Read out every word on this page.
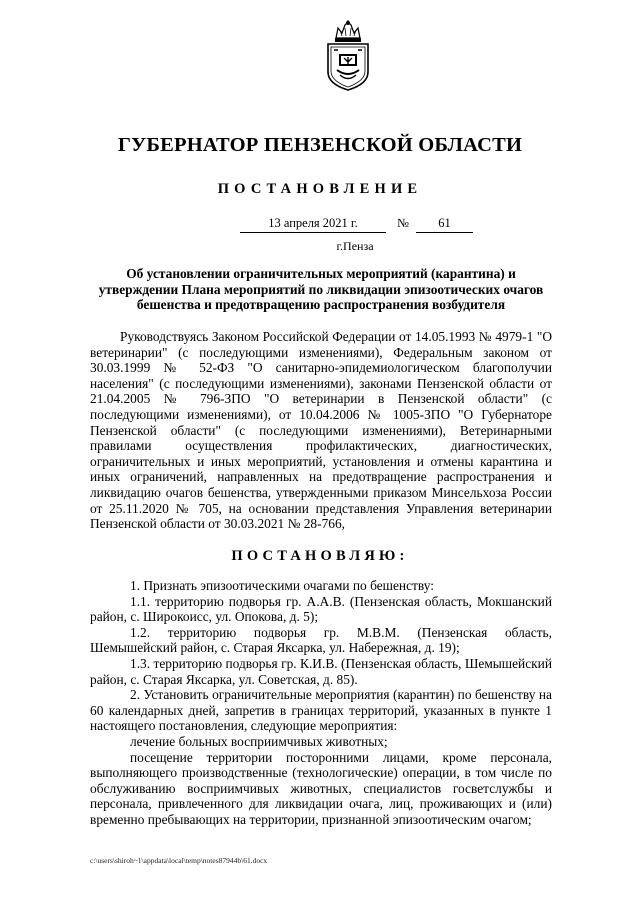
ГУБЕРНАТОР ПЕНЗЕНСКОЙ ОБЛАСТИ
ПОСТАНОВЛЕНИЕ
13 апреля 2021 г.	№	61
г.Пенза
Об установлении ограничительных мероприятий (карантина) и утверждении Плана мероприятий по ликвидации эпизоотических очагов бешенства и предотвращению распространения возбудителя

Руководствуясь Законом Российской Федерации от 14.05.1993 № 4979-1 "О ветеринарии" (с последующими изменениями), Федеральным законом от 30.03.1999 № 52-ФЗ "О санитарно-эпидемиологическом благополучии населения" (с последующими изменениями), законами Пензенской области от 21.04.2005 № 796-ЗПО "О ветеринарии в Пензенской области" (с последующими изменениями), от 10.04.2006 № 1005-ЗПО "О Губернаторе Пензенской области" (с последующими изменениями), Ветеринарными правилами осуществления профилактических, диагностических, ограничительных и иных мероприятий, установления и отмены карантина и иных ограничений, направленных на предотвращение распространения и ликвидацию очагов бешенства, утвержденными приказом Минсельхоза России от 25.11.2020 № 705, на основании представления Управления ветеринарии Пензенской области от 30.03.2021 № 28-766,

ПОСТАНОВЛЯЮ:

1. Признать эпизоотическими очагами по бешенству:

1.1. территорию подворья гр. А.А.В. (Пензенская область, Мокшанский район, с. Широкоисс, ул. Опокова, д. 5);

1.2. территорию подворья гр. М.В.М. (Пензенская область, Шемышейский район, с. Старая Яксарка, ул. Набережная, д. 19);

1.3. территорию подворья гр. К.И.В. (Пензенская область, Шемышейский район, с. Старая Яксарка, ул. Советская, д. 85).

2. Установить ограничительные мероприятия (карантин) по бешенству на 60 календарных дней, запретив в границах территорий, указанных в пункте 1 настоящего постановления, следующие мероприятия:

лечение больных восприимчивых животных;

посещение территории посторонними лицами, кроме персонала, выполняющего производственные (технологические) операции, в том числе по обслуживанию восприимчивых животных, специалистов госветслужбы и персонала, привлеченного для ликвидации очага, лиц, проживающих и (или) временно пребывающих на территории, признанной эпизоотическим очагом;

c:\users\shiroh~1\appdata\local\temp\notes87944b\61.docx
